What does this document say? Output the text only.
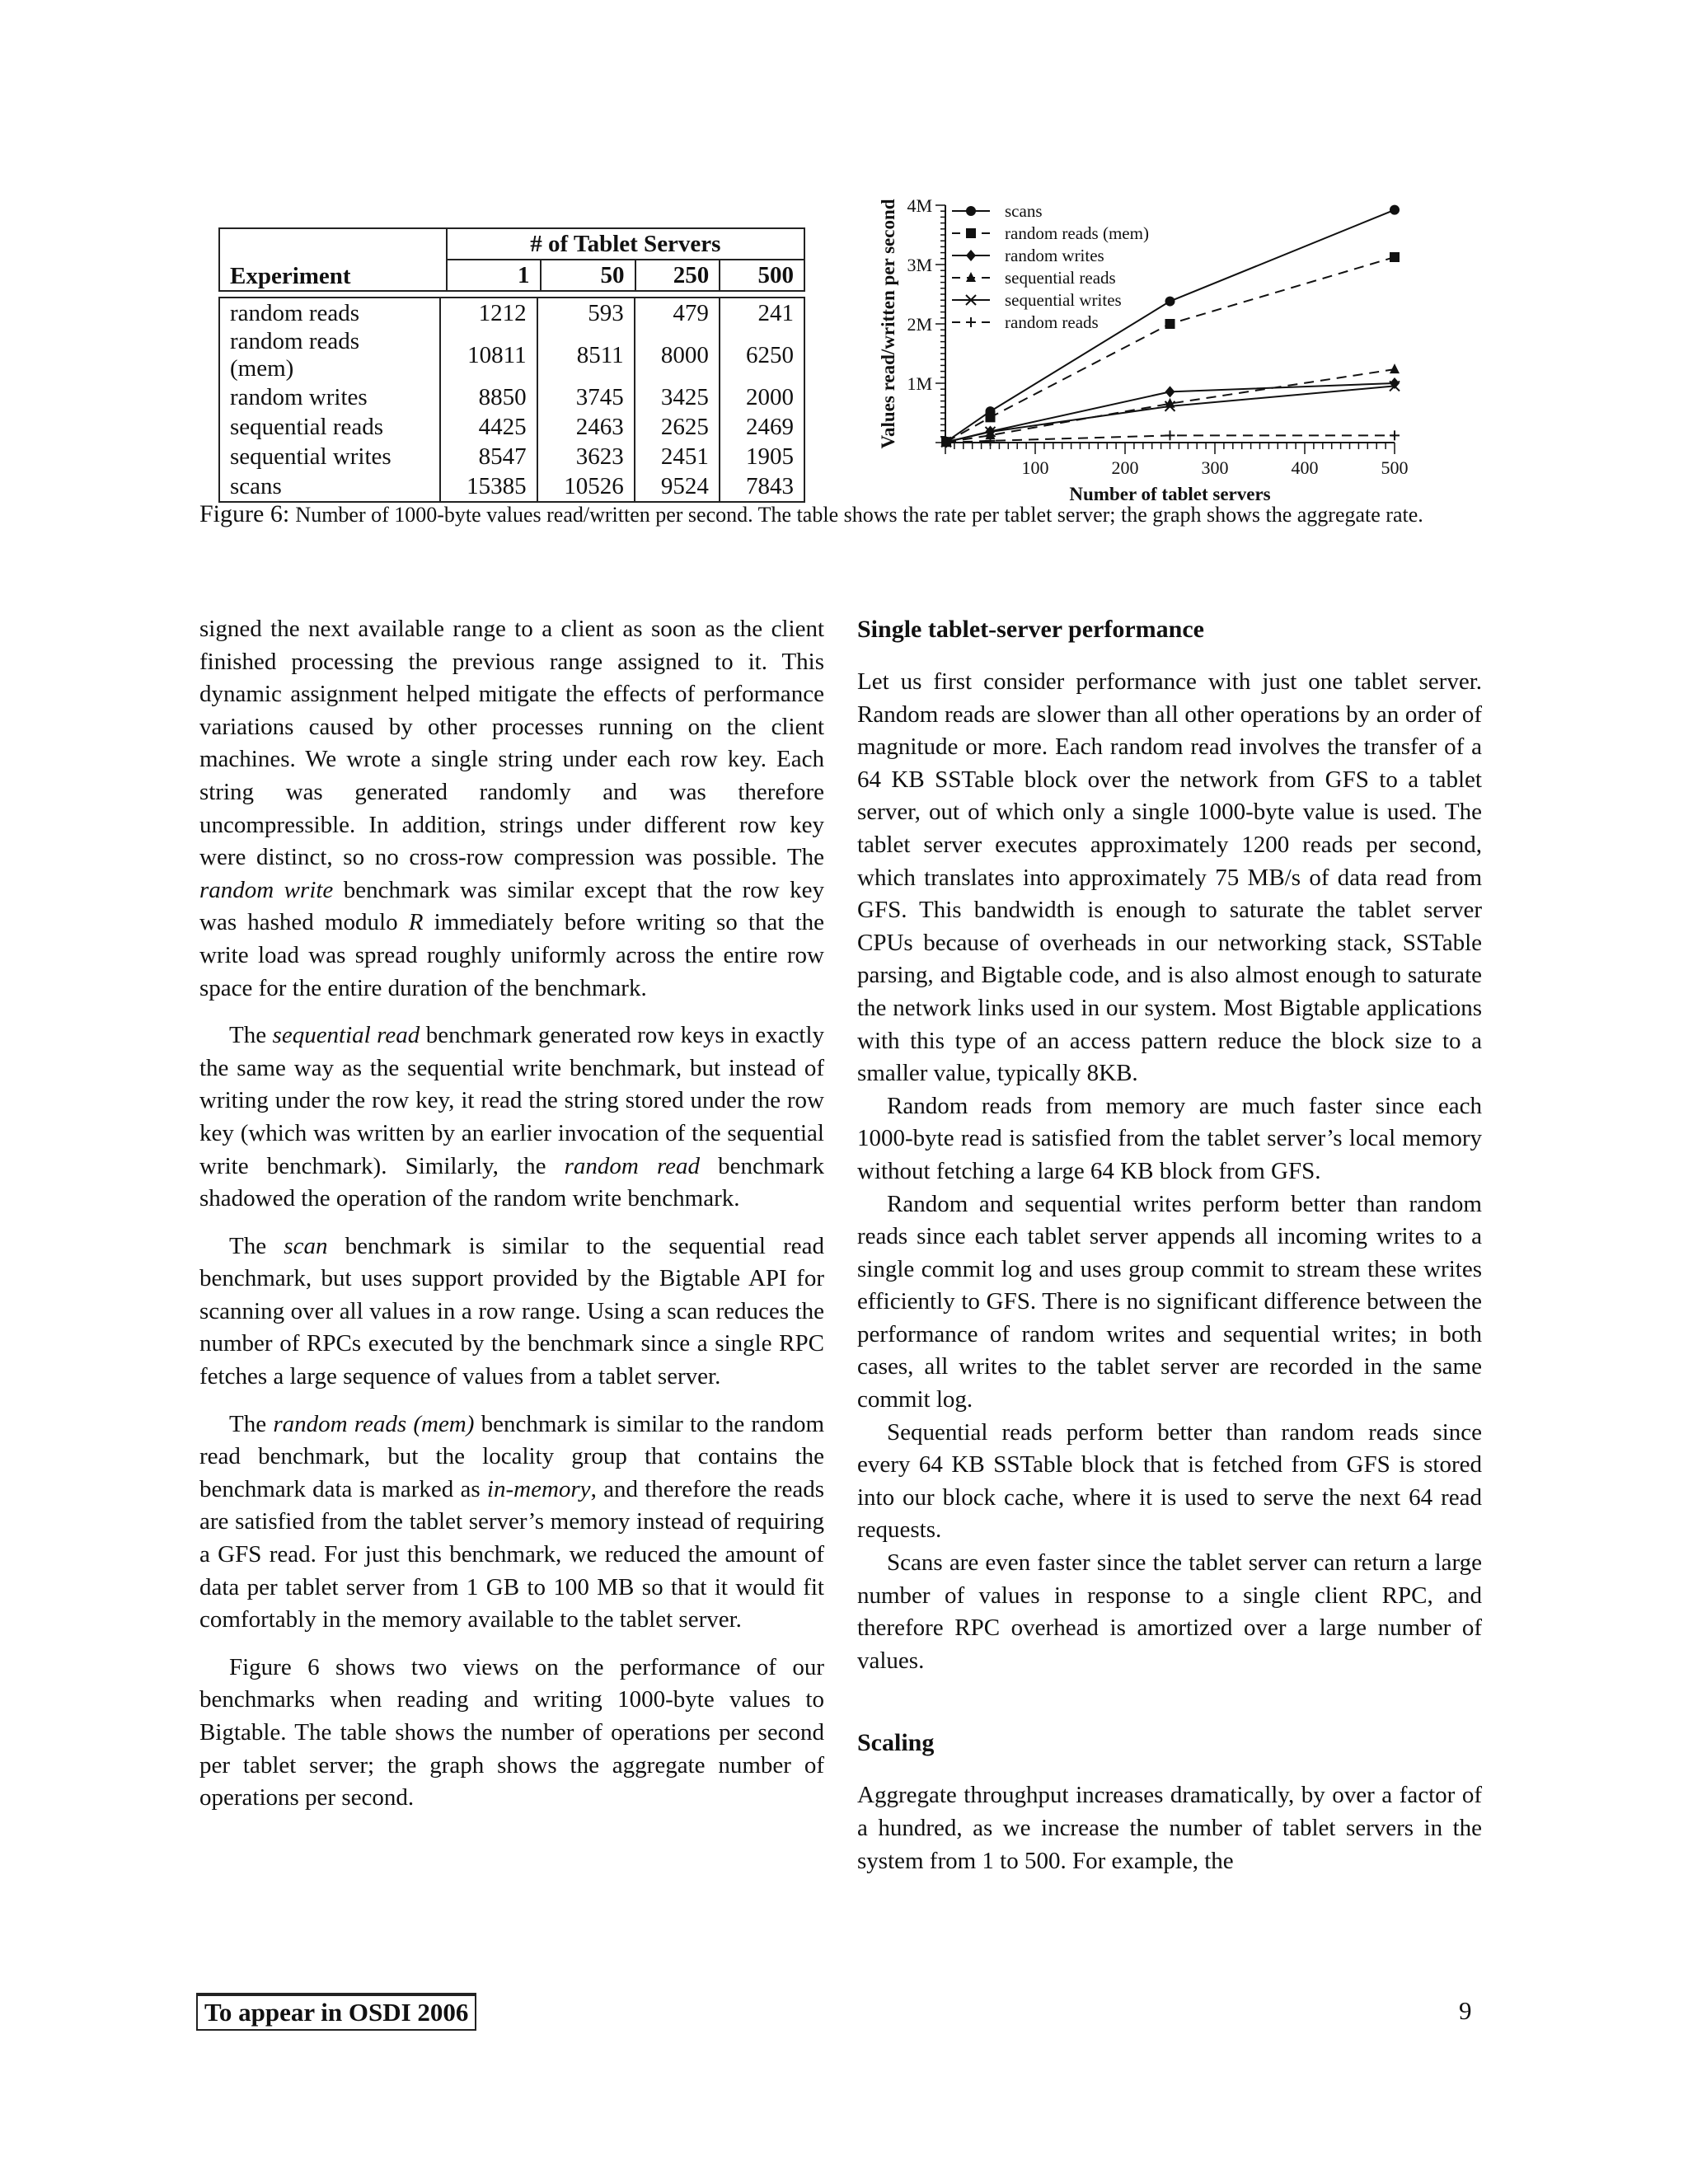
Experiment	# of Tablet Servers			
	1	50	250	500
random reads	1212	593	479	241
random reads (mem)	10811	8511	8000	6250
random writes	8850	3745	3425	2000
sequential reads	4425	2463	2625	2469
sequential writes	8547	3623	2451	1905
scans	15385	10526	9524	7843
100	200	300	400	500
1M
2M
3M
4M
Number of tablet servers
Values read/written per second	scans
random reads (mem)
random writes
sequential reads
sequential writes
random reads
Figure 6: Number of 1000-byte values read/written per second. The table shows the rate per tablet server; the graph shows the aggregate rate.

signed the next available range to a client as soon as the client finished processing the previous range assigned to it. This dynamic assignment helped mitigate the effects of performance variations caused by other processes running on the client machines. We wrote a single string under each row key. Each string was generated randomly and was therefore uncompressible. In addition, strings under different row key were distinct, so no cross-row compression was possible. The random write benchmark was similar except that the row key was hashed modulo R immediately before writing so that the write load was spread roughly uniformly across the entire row space for the entire duration of the benchmark.

The sequential read benchmark generated row keys in exactly the same way as the sequential write benchmark, but instead of writing under the row key, it read the string stored under the row key (which was written by an earlier invocation of the sequential write benchmark). Similarly, the random read benchmark shadowed the operation of the random write benchmark.

The scan benchmark is similar to the sequential read benchmark, but uses support provided by the Bigtable API for scanning over all values in a row range. Using a scan reduces the number of RPCs executed by the benchmark since a single RPC fetches a large sequence of values from a tablet server.

The random reads (mem) benchmark is similar to the random read benchmark, but the locality group that contains the benchmark data is marked as in-memory, and therefore the reads are satisfied from the tablet server’s memory instead of requiring a GFS read. For just this benchmark, we reduced the amount of data per tablet server from 1 GB to 100 MB so that it would fit comfortably in the memory available to the tablet server.

Figure 6 shows two views on the performance of our benchmarks when reading and writing 1000-byte values to Bigtable. The table shows the number of operations per second per tablet server; the graph shows the aggregate number of operations per second.

Single tablet-server performance

Let us first consider performance with just one tablet server. Random reads are slower than all other operations by an order of magnitude or more. Each random read involves the transfer of a 64 KB SSTable block over the network from GFS to a tablet server, out of which only a single 1000-byte value is used. The tablet server executes approximately 1200 reads per second, which translates into approximately 75 MB/s of data read from GFS. This bandwidth is enough to saturate the tablet server CPUs because of overheads in our networking stack, SSTable parsing, and Bigtable code, and is also almost enough to saturate the network links used in our system. Most Bigtable applications with this type of an access pattern reduce the block size to a smaller value, typically 8KB.

Random reads from memory are much faster since each 1000-byte read is satisfied from the tablet server’s local memory without fetching a large 64 KB block from GFS.

Random and sequential writes perform better than random reads since each tablet server appends all incoming writes to a single commit log and uses group commit to stream these writes efficiently to GFS. There is no significant difference between the performance of random writes and sequential writes; in both cases, all writes to the tablet server are recorded in the same commit log.

Sequential reads perform better than random reads since every 64 KB SSTable block that is fetched from GFS is stored into our block cache, where it is used to serve the next 64 read requests.

Scans are even faster since the tablet server can return a large number of values in response to a single client RPC, and therefore RPC overhead is amortized over a large number of values.

Scaling

Aggregate throughput increases dramatically, by over a factor of a hundred, as we increase the number of tablet servers in the system from 1 to 500. For example, the

To appear in OSDI 2006	9
